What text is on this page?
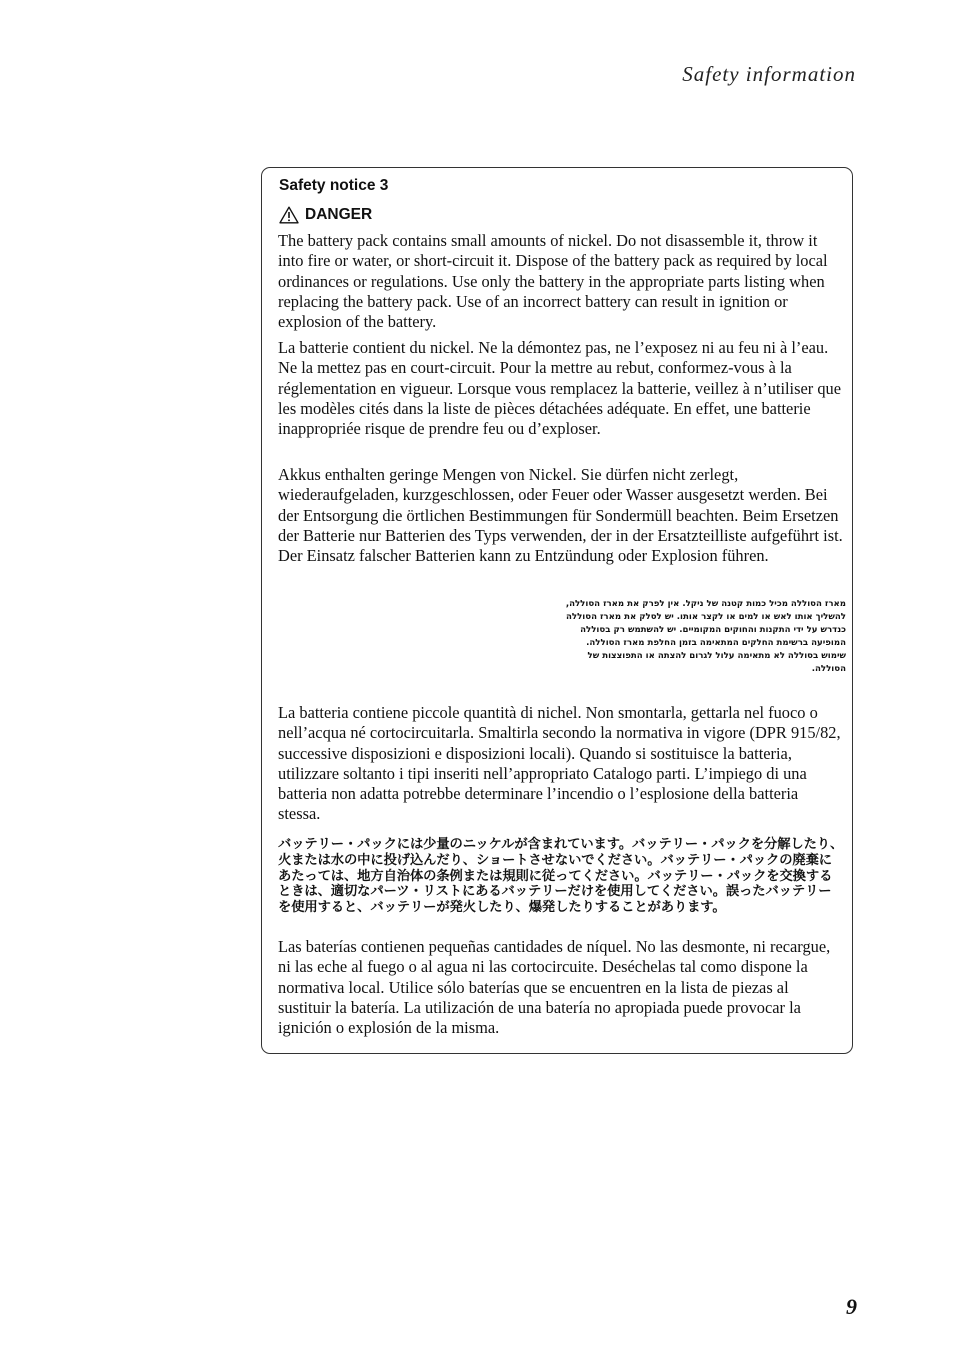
Safety information
Safety notice 3
DANGER

The battery pack contains small amounts of nickel. Do not disassemble it, throw it into fire or water, or short-circuit it. Dispose of the battery pack as required by local ordinances or regulations. Use only the battery in the appropriate parts listing when replacing the battery pack. Use of an incorrect battery can result in ignition or explosion of the battery.

La batterie contient du nickel. Ne la démontez pas, ne l’exposez ni au feu ni à l’eau. Ne la mettez pas en court-circuit. Pour la mettre au rebut, conformez-vous à la réglementation en vigueur. Lorsque vous remplacez la batterie, veillez à n’utiliser que les modèles cités dans la liste de pièces détachées adéquate. En effet, une batterie inappropriée risque de prendre feu ou d’exploser.

Akkus enthalten geringe Mengen von Nickel. Sie dürfen nicht zerlegt, wiederaufgeladen, kurzgeschlossen, oder Feuer oder Wasser ausgesetzt werden. Bei der Entsorgung die örtlichen Bestimmungen für Sondermüll beachten. Beim Ersetzen der Batterie nur Batterien des Typs verwenden, der in der Ersatzteilliste aufgeführt ist. Der Einsatz falscher Batterien kann zu Entzündung oder Explosion führen.

מארז הסוללה מכיל כמות קטנה של ניקל. אין לפרק את מארז הסוללה, להשליך אותו לאש או למים או לקצר אותו. יש לסלק את מארז הסוללה כנדרש על ידי התקנות והחוקים המקומיים. יש להשתמש רק בסוללה המופיעה ברשימת החלקים המתאימה בזמן החלפת מארז הסוללה. שימוש בסוללה לא מתאימה עלול לגרום להצתה או התפוצצות של הסוללה.

La batteria contiene piccole quantità di nichel. Non smontarla, gettarla nel fuoco o nell’acqua né cortocircuitarla. Smaltirla secondo la normativa in vigore (DPR 915/82, successive disposizioni e disposizioni locali). Quando si sostituisce la batteria, utilizzare soltanto i tipi inseriti nell’appropriato Catalogo parti. L’impiego di una batteria non adatta potrebbe determinare l’incendio o l’esplosione della batteria stessa.

バッテリー・パックには少量のニッケルが含まれています。バッテリー・パックを分解したり、火または水の中に投げ込んだり、ショートさせないでください。バッテリー・パックの廃棄にあたっては、地方自治体の条例または規則に従ってください。バッテリー・パックを交換するときは、適切なパーツ・リストにあるバッテリーだけを使用してください。誤ったバッテリーを使用すると、バッテリーが発火したり、爆発したりすることがあります。

Las baterías contienen pequeñas cantidades de níquel. No las desmonte, ni recargue, ni las eche al fuego o al agua ni las cortocircuite. Deséchelas tal como dispone la normativa local. Utilice sólo baterías que se encuentren en la lista de piezas al sustituir la batería. La utilización de una batería no apropiada puede provocar la ignición o explosión de la misma.

9
